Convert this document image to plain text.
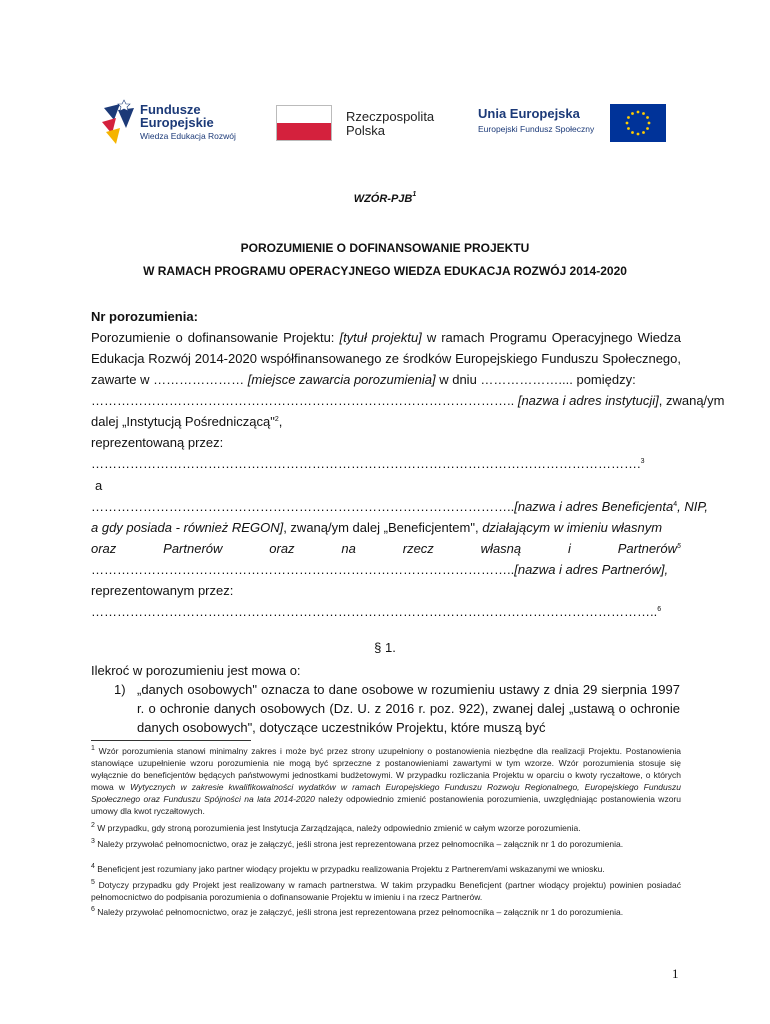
Fundusze
Europejskie
Wiedza Edukacja Rozwój
Rzeczpospolita
Polska
Unia Europejska
Europejski Fundusz Społeczny
WZÓR-PJB$^1$
POROZUMIENIE O DOFINANSOWANIE PROJEKTU
W RAMACH PROGRAMU OPERACYJNEGO WIEDZA EDUKACJA ROZWÓJ 2014-2020
Nr porozumienia:
Porozumienie o dofinansowanie Projektu: [tytuł projektu] w ramach Programu Operacyjnego Wiedza
Edukacja Rozwój 2014-2020 współfinansowanego ze środków Europejskiego Funduszu Społecznego,
zawarte w ………………… [miejsce zawarcia porozumienia] w dniu ……………….... pomiędzy:
…………………………………………………………………………………….. [nazwa i adres instytucji], zwaną/ym
dalej „Instytucją Pośredniczącą"$^2$,
reprezentowaną przez:
……………………………………………………………………………………………………………….$^3$
a
……………………………………………………………………………………..[nazwa i adres Beneficjenta$^4$, NIP,
a gdy posiada - również REGON], zwaną/ym dalej „Beneficjentem", działającym w imieniu własnym
oraz	Partnerów	oraz	na	rzecz	własną	i	Partnerów$^5$
……………………………………………………………………………………..[nazwa i adres Partnerów],
reprezentowanym przez:
…………………………………………………………………………………………………………………..$^6$
§ 1.
Ilekroć w porozumieniu jest mowa o:
1) „danych osobowych" oznacza to dane osobowe w rozumieniu ustawy z dnia 29 sierpnia 1997 r. o ochronie danych osobowych (Dz. U. z 2016 r. poz. 922), zwanej dalej „ustawą o ochronie danych osobowych", dotyczące uczestników Projektu, które muszą być
$^1$ Wzór porozumienia stanowi minimalny zakres i może być przez strony uzupełniony o postanowienia niezbędne dla realizacji Projektu. Postanowienia stanowiące uzupełnienie wzoru porozumienia nie mogą być sprzeczne z postanowieniami zawartymi w tym wzorze. Wzór porozumienia stosuje się wyłącznie do beneficjentów będących państwowymi jednostkami budżetowymi. W przypadku rozliczania Projektu w oparciu o kwoty ryczałtowe, o których mowa w Wytycznych w zakresie kwalifikowalności wydatków w ramach Europejskiego Funduszu Rozwoju Regionalnego, Europejskiego Funduszu Społecznego oraz Funduszu Spójności na lata 2014-2020 należy odpowiednio zmienić postanowienia porozumienia, uwzględniając postanowienia wzoru umowy dla kwot ryczałtowych.
$^2$ W przypadku, gdy stroną porozumienia jest Instytucja Zarządzająca, należy odpowiednio zmienić w całym wzorze porozumienia.
$^3$ Należy przywołać pełnomocnictwo, oraz je załączyć, jeśli strona jest reprezentowana przez pełnomocnika – załącznik nr 1 do porozumienia.
$^4$ Beneficjent jest rozumiany jako partner wiodący projektu w przypadku realizowania Projektu z Partnerem/ami wskazanymi we wniosku.
$^5$ Dotyczy przypadku gdy Projekt jest realizowany w ramach partnerstwa. W takim przypadku Beneficjent (partner wiodący projektu) powinien posiadać pełnomocnictwo do podpisania porozumienia o dofinansowanie Projektu w imieniu i na rzecz Partnerów.
$^6$ Należy przywołać pełnomocnictwo, oraz je załączyć, jeśli strona jest reprezentowana przez pełnomocnika – załącznik nr 1 do porozumienia.
1
